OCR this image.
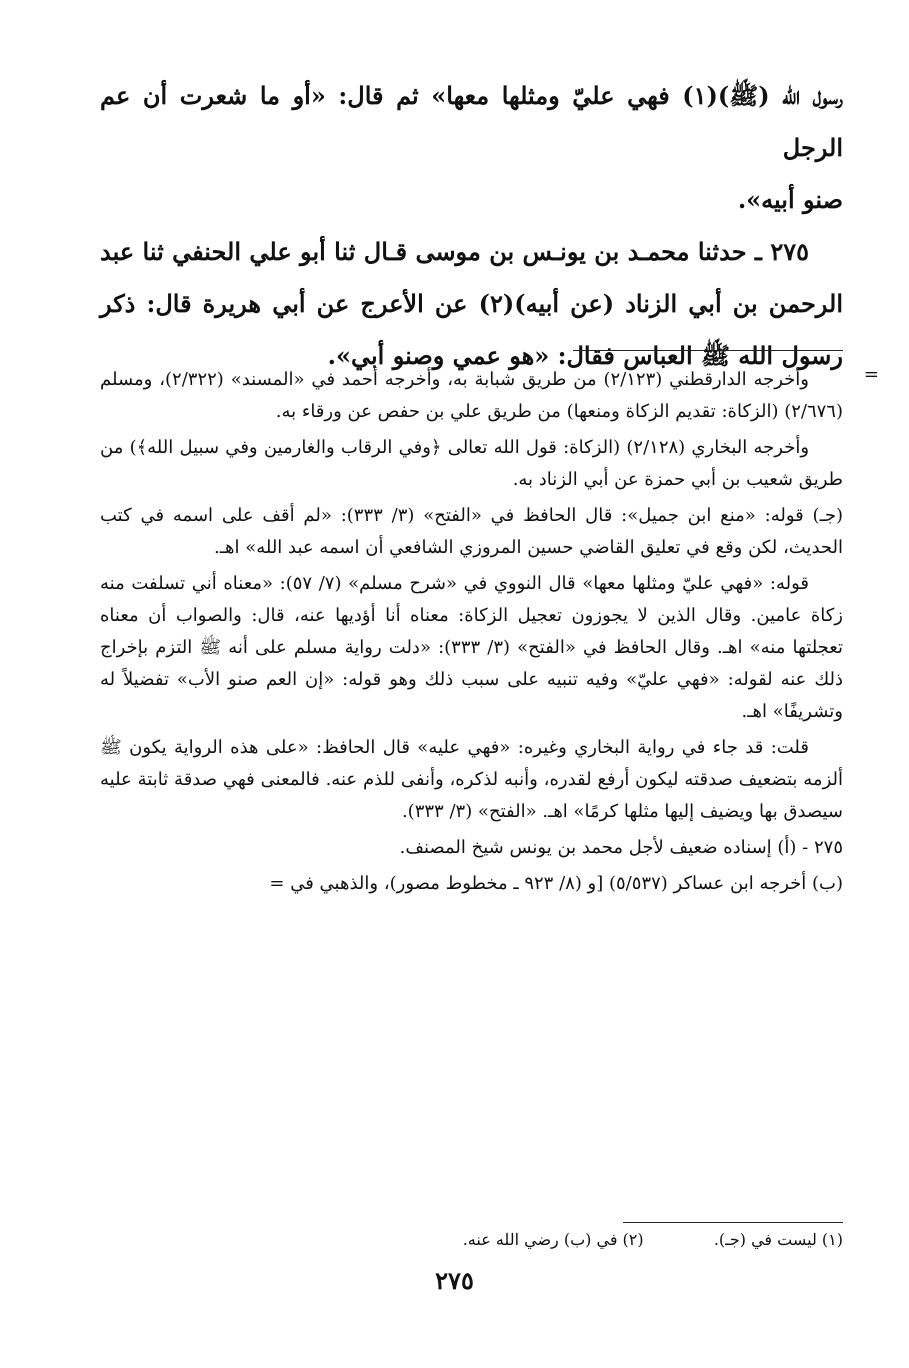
رسول الله (ﷺ)(١) فهي عليّ ومثلها معها» ثم قال: «أو ما شعرت أن عم الرجل

صنو أبيه».

٢٧٥ ـ حدثنا محمـد بن يونـس بن موسى قـال ثنا أبو علي الحنفي ثنا عبد الرحمن بن أبي الزناد (عن أبيه)(٢) عن الأعرج عن أبي هريرة قال: ذكر رسول الله ﷺ العباس فقال: «هو عمي وصنو أبي».

=

وأخرجه الدارقطني (٢/١٢٣) من طريق شبابة به، وأخرجه أحمد في «المسند» (٢/٣٢٢)، ومسلم (٢/٦٧٦) (الزكاة: تقديم الزكاة ومنعها) من طريق علي بن حفص عن ورقاء به.

وأخرجه البخاري (٢/١٢٨) (الزكاة: قول الله تعالى ﴿وفي الرقاب والغارمين وفي سبيل الله﴾) من طريق شعيب بن أبي حمزة عن أبي الزناد به.

(جـ) قوله: «منع ابن جميل»: قال الحافظ في «الفتح» (٣/ ٣٣٣): «لم أقف على اسمه في كتب الحديث، لكن وقع في تعليق القاضي حسين المروزي الشافعي أن اسمه عبد الله» اهـ.

قوله: «فهي عليّ ومثلها معها» قال النووي في «شرح مسلم» (٧/ ٥٧): «معناه أني تسلفت منه زكاة عامين. وقال الذين لا يجوزون تعجيل الزكاة: معناه أنا أؤديها عنه، قال: والصواب أن معناه تعجلتها منه» اهـ. وقال الحافظ في «الفتح» (٣/ ٣٣٣): «دلت رواية مسلم على أنه ﷺ التزم بإخراج ذلك عنه لقوله: «فهي عليّ» وفيه تنبيه على سبب ذلك وهو قوله: «إن العم صنو الأب» تفضيلاً له وتشريفًا» اهـ.

قلت: قد جاء في رواية البخاري وغيره: «فهي عليه» قال الحافظ: «على هذه الرواية يكون ﷺ ألزمه بتضعيف صدقته ليكون أرفع لقدره، وأنبه لذكره، وأنفى للذم عنه. فالمعنى فهي صدقة ثابتة عليه سيصدق بها ويضيف إليها مثلها كرمًا» اهـ. «الفتح» (٣/ ٣٣٣).

٢٧٥ - (أ) إسناده ضعيف لأجل محمد بن يونس شيخ المصنف.

(ب) أخرجه ابن عساكر (٥/٥٣٧) [و (٨/ ٩٢٣ ـ مخطوط مصور)، والذهبي في =

(١) ليست في (جـ).  (٢) في (ب) رضي الله عنه.
٢٧٥
